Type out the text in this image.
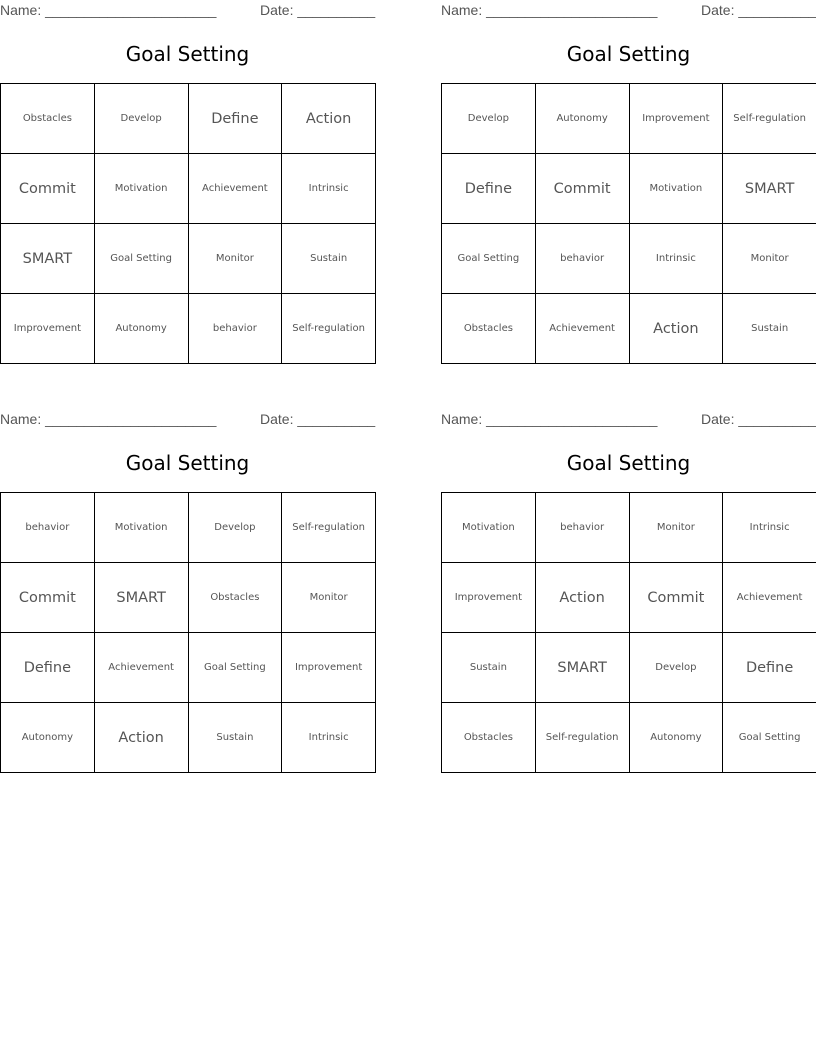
Name: ______________________	Date: __________
Goal Setting
Obstacles	Develop	Define	Action
Commit	Motivation	Achievement	Intrinsic
SMART	Goal Setting	Monitor	Sustain
Improvement	Autonomy	behavior	Self-regulation
Name: ______________________	Date: __________
Goal Setting
Develop	Autonomy	Improvement	Self-regulation
Define	Commit	Motivation	SMART
Goal Setting	behavior	Intrinsic	Monitor
Obstacles	Achievement	Action	Sustain
Name: ______________________	Date: __________
Goal Setting
behavior	Motivation	Develop	Self-regulation
Commit	SMART	Obstacles	Monitor
Define	Achievement	Goal Setting	Improvement
Autonomy	Action	Sustain	Intrinsic
Name: ______________________	Date: __________
Goal Setting
Motivation	behavior	Monitor	Intrinsic
Improvement	Action	Commit	Achievement
Sustain	SMART	Develop	Define
Obstacles	Self-regulation	Autonomy	Goal Setting
